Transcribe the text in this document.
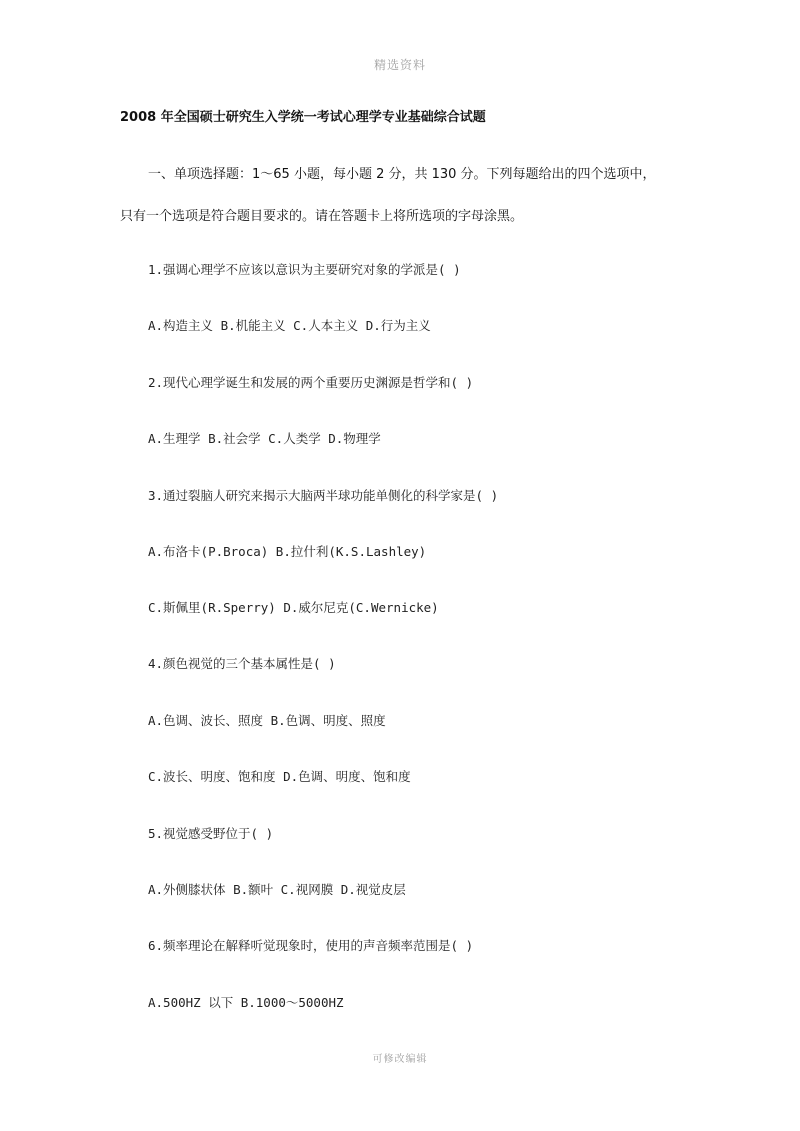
精选资料
2008 年全国硕士研究生入学统一考试心理学专业基础综合试题
一、单项选择题：1～65 小题，每小题 2 分，共 130 分。下列每题给出的四个选项中，
只有一个选项是符合题目要求的。请在答题卡上将所选项的字母涂黑。
1.强调心理学不应该以意识为主要研究对象的学派是( )
A.构造主义 B.机能主义 C.人本主义 D.行为主义
2.现代心理学诞生和发展的两个重要历史渊源是哲学和( )
A.生理学 B.社会学 C.人类学 D.物理学
3.通过裂脑人研究来揭示大脑两半球功能单侧化的科学家是( )
A.布洛卡(P.Broca) B.拉什利(K.S.Lashley)
C.斯佩里(R.Sperry) D.威尔尼克(C.Wernicke)
4.颜色视觉的三个基本属性是( )
A.色调、波长、照度 B.色调、明度、照度
C.波长、明度、饱和度 D.色调、明度、饱和度
5.视觉感受野位于( )
A.外侧膝状体 B.额叶 C.视网膜 D.视觉皮层
6.频率理论在解释听觉现象时，使用的声音频率范围是( )
A.500HZ 以下 B.1000～5000HZ
可修改编辑
